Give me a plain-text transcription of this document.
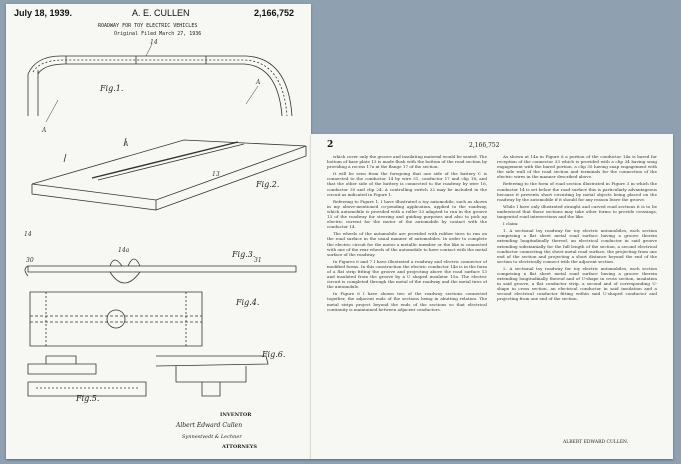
July 18, 1939.	A. E. CULLEN	2,166,752
ROADWAY FOR TOY ELECTRIC VEHICLES
Original Filed March 27, 1936
A
14
A
14
13
A
30
14a
31
Fig.1.
Fig.2.
Fig.3.
Fig.4.
Fig.5.
Fig.6.
INVENTOR
Albert Edward Cullen
Synnestvedt & Lechner
ATTORNEYS
2	2,166,752

which cover only the groove and insulating material would be seated. The bottom of base plate 13 is made flush with the bottom of the road section by providing a recess 17a in the flange 17 of the section.

It will be seen from the foregoing that one side of the battery C is connected to the conductor 14 by wire 31, conductor 17 and clip 18, and that the other side of the battery is connected to the roadway by wire 16, conductor 30 and clip 24. A controlling switch 32 may be included in the circuit as indicated in Figure 1.

Referring to Figure 1, I have illustrated a toy automobile, such as shown in my above-mentioned co-pending application, applied to the roadway, which automobile is provided with a roller 33 adapted to run in the groove 13 of the roadway for steering and guiding purposes and also to pick up electric current for the motor of the automobile by contact with the conductor 14.

The wheels of the automobile are provided with rubber tires to run on the road surface in the usual manner of automobiles. In order to complete the electric circuit for the motor a metallic member or the like is connected with one of the rear wheels of the automobile to have contact with the metal surface of the roadway.

In Figures 6 and 7 I have illustrated a roadway and electric connector of modified forms. In this construction the electric conductor 14a is in the form of a flat strip fitting the groove and projecting above the road surface 13 and insulated from the groove by a U shaped insulator 15a. The electric circuit is completed through the metal of the roadway and the metal tires of the automobile.

In Figure 6 I have shown two of the roadway sections connected together, the adjacent ends of the sections being in abutting relation. The metal strips project beyond the ends of the sections so that electrical continuity is maintained between adjacent conductors.

As shown at 14a in Figure 6 a portion of the conductor 14a is bared for reception of the connector 33 which is provided with a clip 34 having snug engagement with the bared portion, a clip 35 having snap engagement with the side wall of the road section and terminals for the connection of the electric wires in the manner described above.

Referring to the form of road section illustrated in Figure 3 in which the conductor 14 is set below the road surface this is particularly advantageous because it prevents short circuiting by metal objects being placed on the roadway by the automobile if it should for any reason leave the groove.

While I have only illustrated straight and curved road sections it is to be understood that those sections may take other forms to provide crossings, tangential road intersections and the like.

I claim:

1. A sectional toy roadway for toy electric automobiles, each section comprising a flat sheet metal road surface having a groove therein extending longitudinally thereof, an electrical conductor in said groove extending substantially for the full length of the section, a second electrical conductor connecting the sheet metal road surface, the projecting from one end of the section and projecting a short distance beyond the end of the section to electrically connect with the adjacent section.

2. A sectional toy roadway for toy electric automobiles, each section comprising a flat sheet metal road surface having a groove therein extending longitudinally thereof and of U-shape in cross section, insulation in said groove, a flat conductor strip, a second and of corresponding U-shape in cross section, an electrical conductor in said insulation and a second electrical conductor fitting within said U-shaped conductor and projecting from one end of the section.

ALBERT EDWARD CULLEN.
